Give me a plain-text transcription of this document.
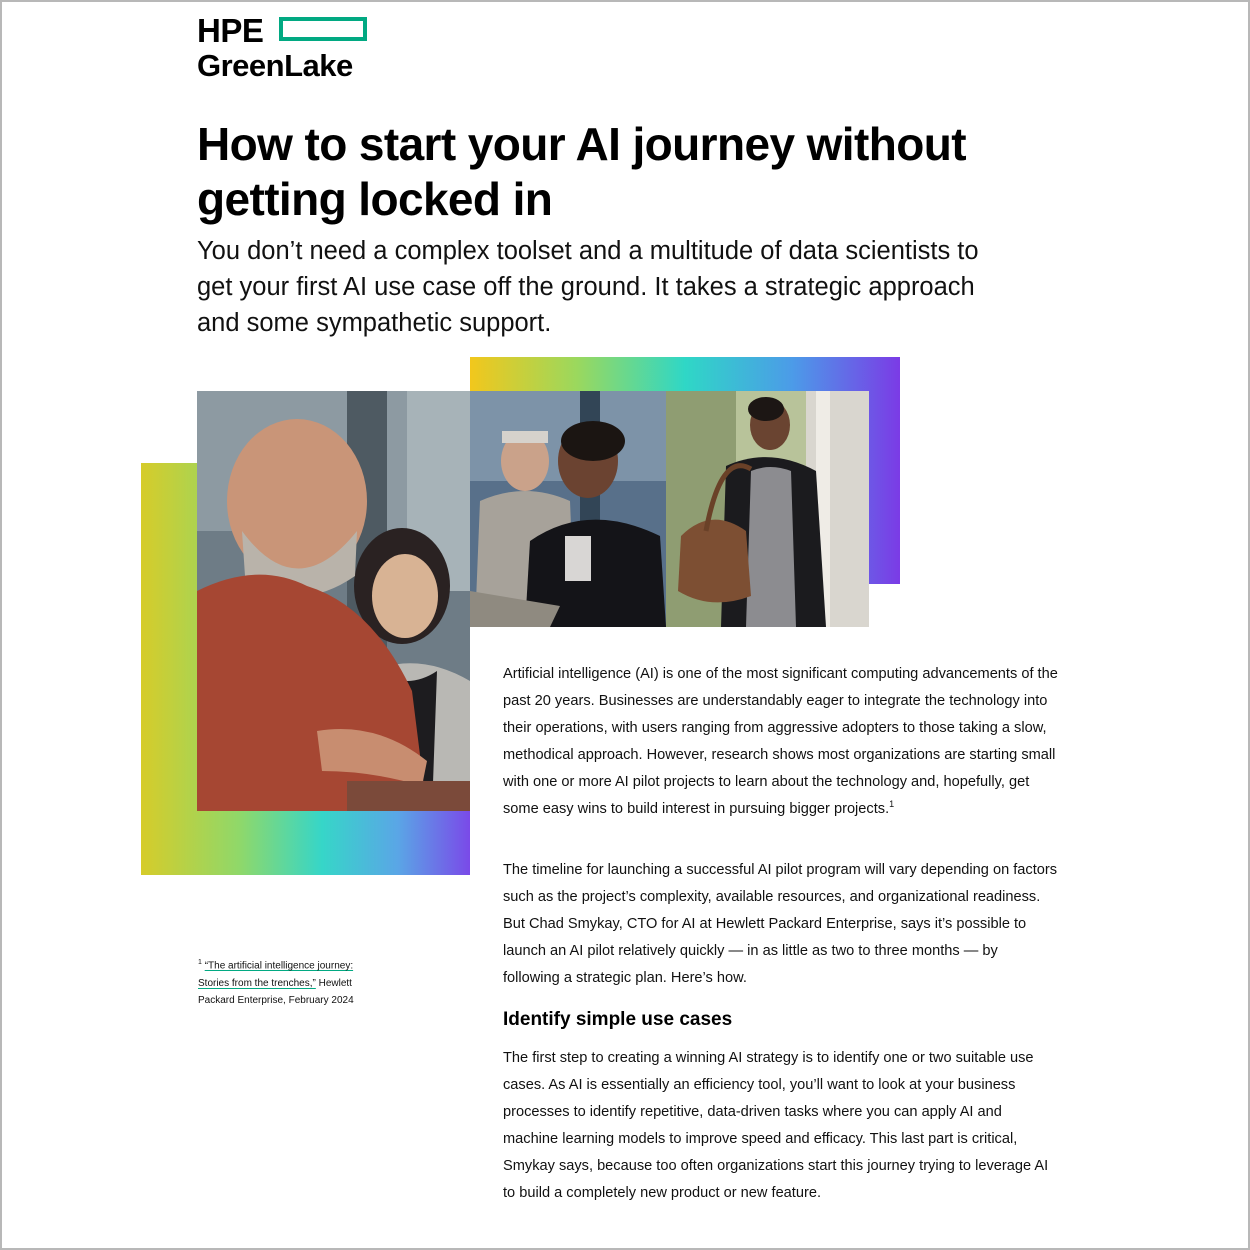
HPE
GreenLake
How to start your AI journey without getting locked in

You don’t need a complex toolset and a multitude of data scientists to get your first AI use case off the ground. It takes a strategic approach and some sympathetic support.

Artificial intelligence (AI) is one of the most significant computing advancements of the past 20 years. Businesses are understandably eager to integrate the technology into their operations, with users ranging from aggressive adopters to those taking a slow, methodical approach. However, research shows most organizations are starting small with one or more AI pilot projects to learn about the technology and, hopefully, get some easy wins to build interest in pursuing bigger projects.$^1$

The timeline for launching a successful AI pilot program will vary depending on factors such as the project’s complexity, available resources, and organizational readiness. But Chad Smykay, CTO for AI at Hewlett Packard Enterprise, says it’s possible to launch an AI pilot relatively quickly — in as little as two to three months — by following a strategic plan. Here’s how.

Identify simple use cases

The first step to creating a winning AI strategy is to identify one or two suitable use cases. As AI is essentially an efficiency tool, you’ll want to look at your business processes to identify repetitive, data-driven tasks where you can apply AI and machine learning models to improve speed and efficacy. This last part is critical, Smykay says, because too often organizations start this journey trying to leverage AI to build a completely new product or new feature.

$^1$ “The artificial intelligence journey: Stories from the trenches,” Hewlett Packard Enterprise, February 2024
